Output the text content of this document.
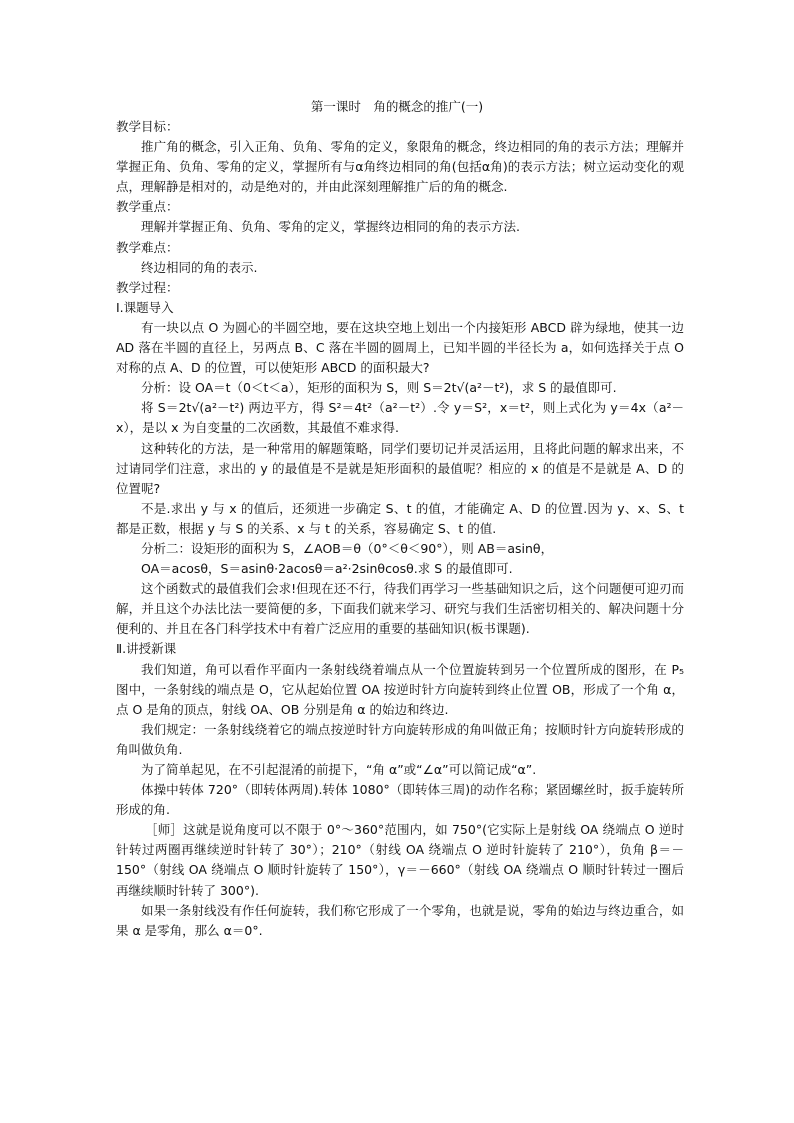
第一课时　角的概念的推广(一)

教学目标：

推广角的概念，引入正角、负角、零角的定义，象限角的概念，终边相同的角的表示方法；理解并掌握正角、负角、零角的定义，掌握所有与α角终边相同的角(包括α角)的表示方法；树立运动变化的观点，理解静是相对的，动是绝对的，并由此深刻理解推广后的角的概念.

教学重点：

理解并掌握正角、负角、零角的定义，掌握终边相同的角的表示方法.

教学难点：

终边相同的角的表示.

教学过程：

Ⅰ.课题导入

有一块以点 O 为圆心的半圆空地，要在这块空地上划出一个内接矩形 ABCD 辟为绿地，使其一边 AD 落在半圆的直径上，另两点 B、C 落在半圆的圆周上，已知半圆的半径长为 a，如何选择关于点 O 对称的点 A、D 的位置，可以使矩形 ABCD 的面积最大?

分析：设 OA＝t（0＜t＜a），矩形的面积为 S，则 S＝2t√(a²－t²)，求 S 的最值即可.

将 S＝2t√(a²－t²) 两边平方，得 S²＝4t²（a²－t²）.令 y＝S²，x＝t²，则上式化为 y＝4x（a²－x），是以 x 为自变量的二次函数，其最值不难求得.

这种转化的方法，是一种常用的解题策略，同学们要切记并灵活运用，且将此问题的解求出来，不过请同学们注意，求出的 y 的最值是不是就是矩形面积的最值呢？相应的 x 的值是不是就是 A、D 的位置呢?

不是.求出 y 与 x 的值后，还须进一步确定 S、t 的值，才能确定 A、D 的位置.因为 y、x、S、t 都是正数，根据 y 与 S 的关系、x 与 t 的关系，容易确定 S、t 的值.

分析二：设矩形的面积为 S，∠AOB＝θ（0°＜θ＜90°），则 AB＝asinθ，

OA＝acosθ，S＝asinθ·2acosθ＝a²·2sinθcosθ.求 S 的最值即可.

这个函数式的最值我们会求!但现在还不行，待我们再学习一些基础知识之后，这个问题便可迎刃而解，并且这个办法比法一要简便的多，下面我们就来学习、研究与我们生活密切相关的、解决问题十分便利的、并且在各门科学技术中有着广泛应用的重要的基础知识(板书课题).

Ⅱ.讲授新课

我们知道，角可以看作平面内一条射线绕着端点从一个位置旋转到另一个位置所成的图形，在 P₅ 图中，一条射线的端点是 O，它从起始位置 OA 按逆时针方向旋转到终止位置 OB，形成了一个角 α，点 O 是角的顶点，射线 OA、OB 分别是角 α 的始边和终边.

我们规定：一条射线绕着它的端点按逆时针方向旋转形成的角叫做正角；按顺时针方向旋转形成的角叫做负角.

为了简单起见，在不引起混淆的前提下，“角 α”或“∠α”可以简记成“α”.

体操中转体 720°（即转体两周).转体 1080°（即转体三周)的动作名称；紧固螺丝时，扳手旋转所形成的角.

［师］这就是说角度可以不限于 0°～360°范围内，如 750°(它实际上是射线 OA 绕端点 O 逆时针转过两圈再继续逆时针转了 30°）；210°（射线 OA 绕端点 O 逆时针旋转了 210°），负角 β＝－150°（射线 OA 绕端点 O 顺时针旋转了 150°），γ＝－660°（射线 OA 绕端点 O 顺时针转过一圈后再继续顺时针转了 300°).

如果一条射线没有作任何旋转，我们称它形成了一个零角，也就是说，零角的始边与终边重合，如果 α 是零角，那么 α＝0°.
